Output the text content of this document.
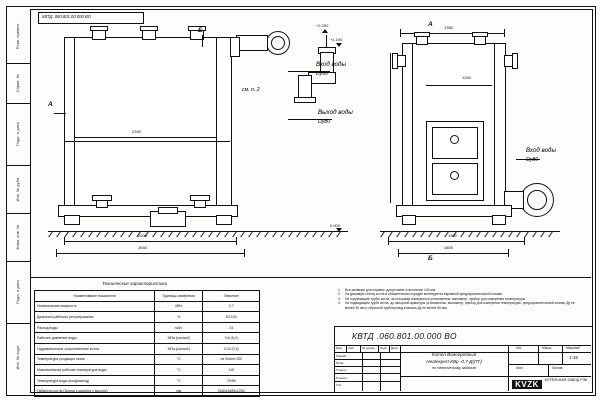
Перв. примен.
Справ. №
Подп. и дата
Инв. № дубл.
Взам. инв. №
Подп. и дата
Инв. № подл.
КВТД .060.801.00.000 ВО
Б
А
2390
2505
2640
+2.250
+1.100
0.000
Вход воды
Dy80
Выход воды
Dy80
см. п. 2
А
Б
1360
1260
1960
1605
Вход воды
Dy80
Технические характеристики
Наименование показателя	Единицы измерения	Значение
Номинальная мощность	МВт	0,7
Диапазон рабочего регулирования	%	50-100
Расход воды	м3/ч	24
Рабочее давление воды	МПа (кгс/см2)	0,6 (6,0)
Гидравлическое сопротивление котла	МПа (кгс/см2)	0,04 (0,4)
Температура уходящих газов	°С	не более 250
Максимальная рабочая температура воды	°С	115
Температура воды (вход/выход)	°С	70/95
Габариты котла (Длина х ширина х высота)	мм	2640х1685х2250
1 Все размеры для справок, допустимое отклонение ±30 мм.
2 На дымовую стенку котла в обязательном порядке монтируется взрывной предохранительный клапан.
3 Не подлежащие трубы котла, за которыми измеряются установлены: манометр, прибор для измерения температуры.
4 На подводящем трубе котла, до запорной арматуры установлены: манометр, прибор для измерения температуры, предохранительный клапан Ду не менее 50 мм и сбросной трубопровод клапана Ду не менее 50 мм.
КВТД .060.801.00.000 ВО
Изм. Лист № докум. Подп. Дата
Разраб.
Пров.
Т.контр.
Н.контр.
Утв.
Котел Водогрейный
Heatexpert-КВр -0,7-Д(ПТ)
по техническому заданию
Лит.	Масса	Масштаб
1:15
Лист	Листов
KVZK	КОТЕЛЬНАЯ ЗАВОД РЭК
